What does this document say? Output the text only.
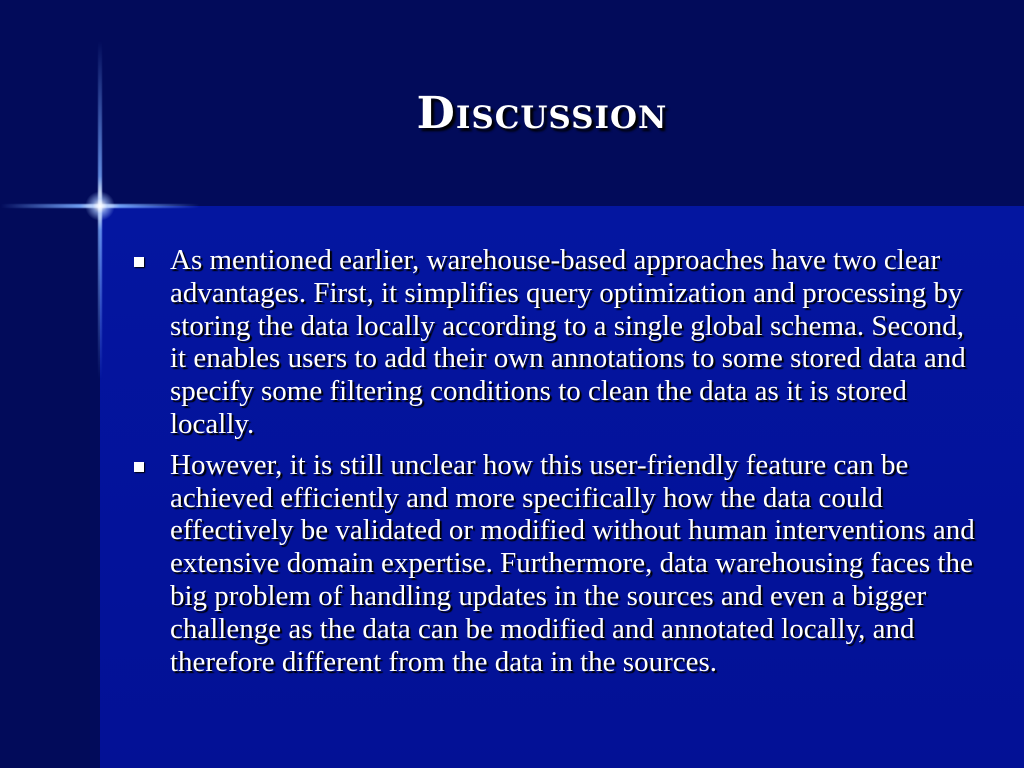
Discussion
As mentioned earlier, warehouse-based approaches have two clear advantages. First, it simplifies query optimization and processing by storing the data locally according to a single global schema. Second, it enables users to add their own annotations to some stored data and specify some filtering conditions to clean the data as it is stored locally.
However, it is still unclear how this user-friendly feature can be achieved efficiently and more specifically how the data could effectively be validated or modified without human interventions and extensive domain expertise. Furthermore, data warehousing faces the big problem of handling updates in the sources and even a bigger challenge as the data can be modified and annotated locally, and therefore different from the data in the sources.
